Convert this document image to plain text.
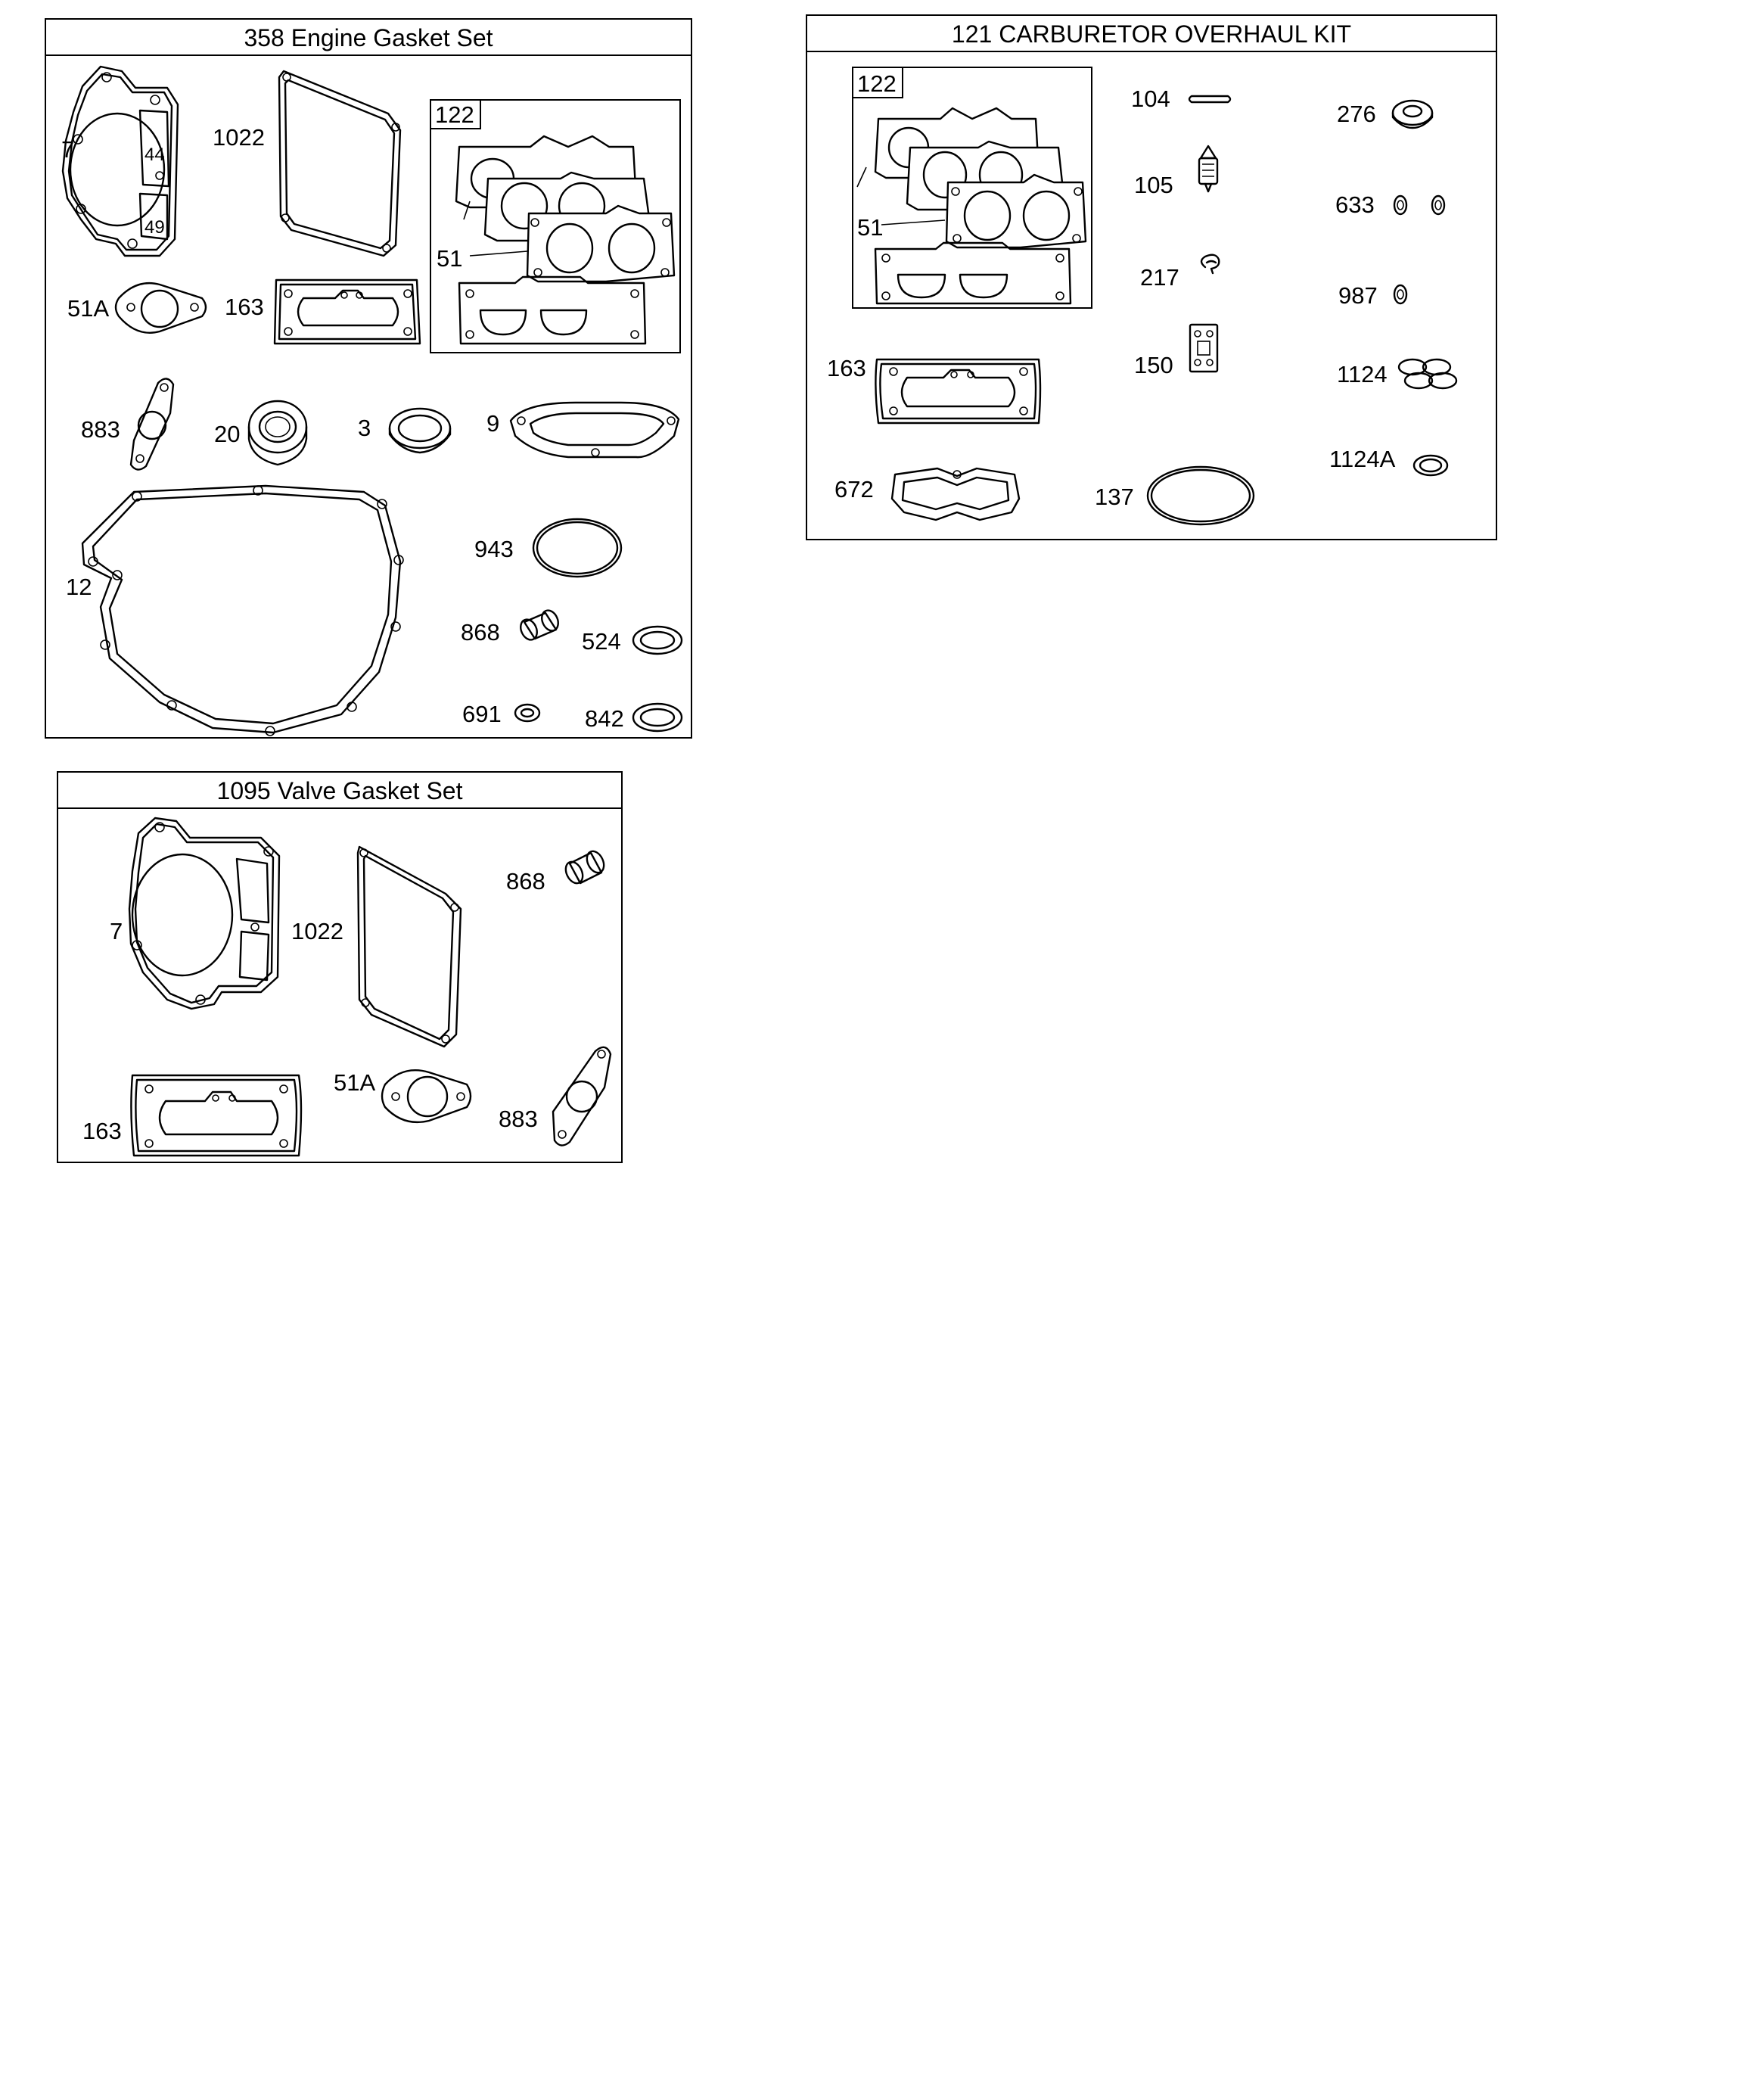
358 Engine Gasket Set
7	44
49
1022
122
51
51A	163
883	20	3	9
12
943
868	524
691	842
121 CARBURETOR OVERHAUL KIT
122
51
104
276
105
633
217
987
163	150	1124
672	137
1124A
1095 Valve Gasket Set
7	1022
868
163
51A
883
